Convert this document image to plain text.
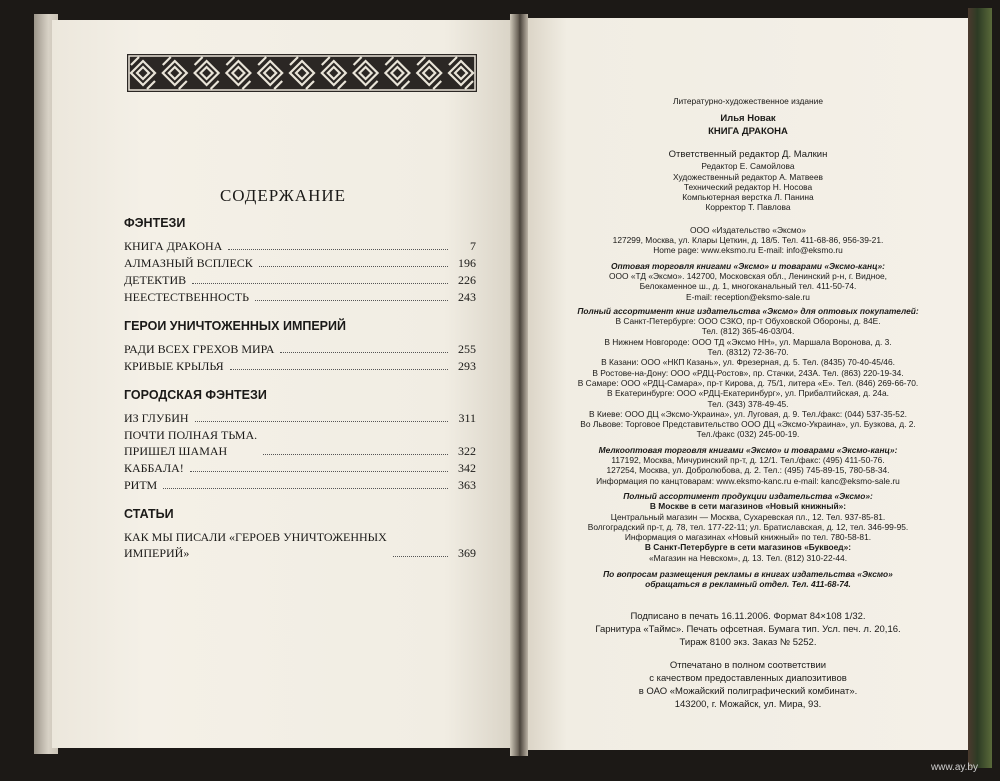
СОДЕРЖАНИЕ
ФЭНТЕЗИ
КНИГА ДРАКОНА	7
АЛМАЗНЫЙ ВСПЛЕСК	196
ДЕТЕКТИВ	226
НЕЕСТЕСТВЕННОСТЬ	243
ГЕРОИ УНИЧТОЖЕННЫХ ИМПЕРИЙ
РАДИ ВСЕХ ГРЕХОВ МИРА	255
КРИВЫЕ КРЫЛЬЯ	293
ГОРОДСКАЯ ФЭНТЕЗИ
ИЗ ГЛУБИН	311
ПОЧТИ ПОЛНАЯ ТЬМА.
ПРИШЕЛ ШАМАН	322
КАББАЛА!	342
РИТМ	363
СТАТЬИ
КАК МЫ ПИСАЛИ «ГЕРОЕВ УНИЧТОЖЕННЫХ
ИМПЕРИЙ»	369
Литературно-художественное издание
Илья Новак
КНИГА ДРАКОНА
Ответственный редактор Д. Малкин
Редактор Е. Самойлова
Художественный редактор А. Матвеев
Технический редактор Н. Носова
Компьютерная верстка Л. Панина
Корректор Т. Павлова
ООО «Издательство «Эксмо»
127299, Москва, ул. Клары Цеткин, д. 18/5. Тел. 411-68-86, 956-39-21.
Home page: www.eksmo.ru E-mail: info@eksmo.ru
Оптовая торговля книгами «Эксмо» и товарами «Эксмо-канц»:
ООО «ТД «Эксмо». 142700, Московская обл., Ленинский р-н, г. Видное,
Белокаменное ш., д. 1, многоканальный тел. 411-50-74.
E-mail: reception@eksmo-sale.ru
Полный ассортимент книг издательства «Эксмо» для оптовых покупателей:
В Санкт-Петербурге: ООО СЗКО, пр-т Обуховской Обороны, д. 84Е.
Тел. (812) 365-46-03/04.
В Нижнем Новгороде: ООО ТД «Эксмо НН», ул. Маршала Воронова, д. 3.
Тел. (8312) 72-36-70.
В Казани: ООО «НКП Казань», ул. Фрезерная, д. 5. Тел. (8435) 70-40-45/46.
В Ростове-на-Дону: ООО «РДЦ-Ростов», пр. Стачки, 243А. Тел. (863) 220-19-34.
В Самаре: ООО «РДЦ-Самара», пр-т Кирова, д. 75/1, литера «Е». Тел. (846) 269-66-70.
В Екатеринбурге: ООО «РДЦ-Екатеринбург», ул. Прибалтийская, д. 24а.
Тел. (343) 378-49-45.
В Киеве: ООО ДЦ «Эксмо-Украина», ул. Луговая, д. 9. Тел./факс: (044) 537-35-52.
Во Львове: Торговое Представительство ООО ДЦ «Эксмо-Украина», ул. Бузкова, д. 2.
Тел./факс (032) 245-00-19.
Мелкооптовая торговля книгами «Эксмо» и товарами «Эксмо-канц»:
117192, Москва, Мичуринский пр-т, д. 12/1. Тел./факс: (495) 411-50-76.
127254, Москва, ул. Добролюбова, д. 2. Тел.: (495) 745-89-15, 780-58-34.
Информация по канцтоварам: www.eksmo-kanc.ru e-mail: kanc@eksmo-sale.ru
Полный ассортимент продукции издательства «Эксмо»:
В Москве в сети магазинов «Новый книжный»:
Центральный магазин — Москва, Сухаревская пл., 12. Тел. 937-85-81.
Волгоградский пр-т, д. 78, тел. 177-22-11; ул. Братиславская, д. 12, тел. 346-99-95.
Информация о магазинах «Новый книжный» по тел. 780-58-81.
В Санкт-Петербурге в сети магазинов «Буквоед»:
«Магазин на Невском», д. 13. Тел. (812) 310-22-44.
По вопросам размещения рекламы в книгах издательства «Эксмо»
обращаться в рекламный отдел. Тел. 411-68-74.
Подписано в печать 16.11.2006. Формат 84×108 1/32.
Гарнитура «Таймс». Печать офсетная. Бумага тип. Усл. печ. л. 20,16.
Тираж 8100 экз. Заказ № 5252.
Отпечатано в полном соответствии
с качеством предоставленных диапозитивов
в ОАО «Можайский полиграфический комбинат».
143200, г. Можайск, ул. Мира, 93.
www.ay.by
